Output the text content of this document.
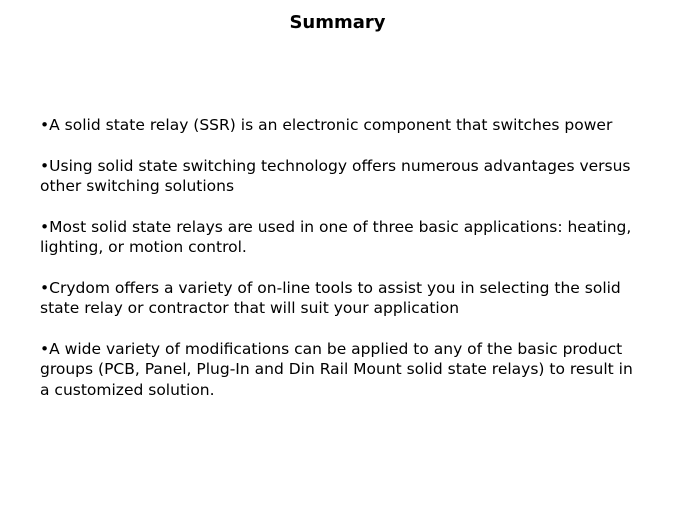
Summary
•A solid state relay (SSR) is an electronic component that switches power
•Using solid state switching technology offers numerous advantages versus other switching solutions
•Most solid state relays are used in one of three basic applications: heating, lighting, or motion control.
•Crydom offers a variety of on-line tools to assist you in selecting the solid state relay or contractor that will suit your application
•A wide variety of modifications can be applied to any of the basic product groups (PCB, Panel, Plug-In and Din Rail Mount solid state relays) to result in a customized solution.
